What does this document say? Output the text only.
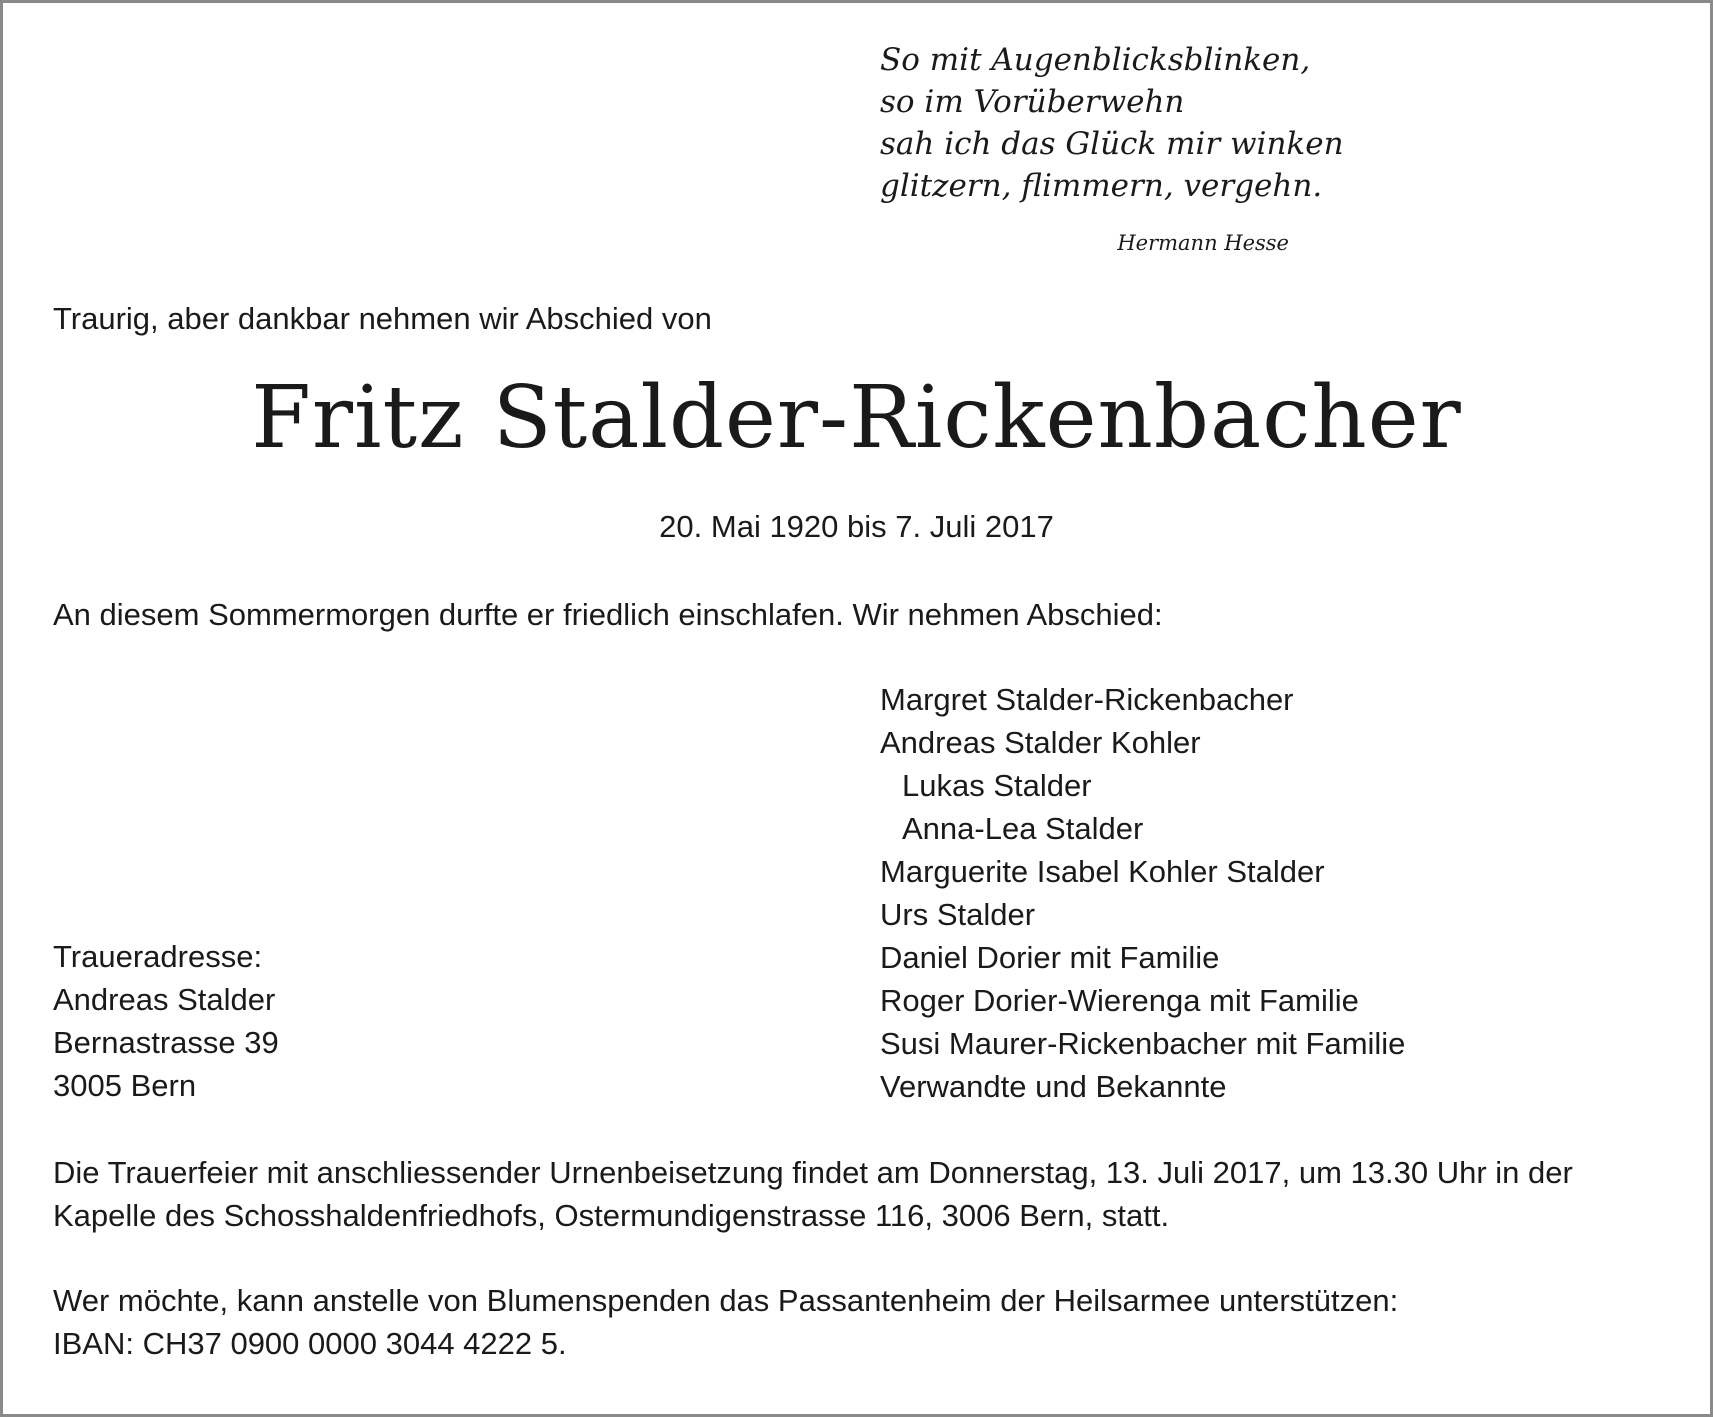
So mit Augenblicksblinken,
so im Vorüberwehn
sah ich das Glück mir winken
glitzern, flimmern, vergehn.
Hermann Hesse
Traurig, aber dankbar nehmen wir Abschied von
Fritz Stalder-Rickenbacher
20. Mai 1920 bis 7. Juli 2017
An diesem Sommermorgen durfte er friedlich einschlafen. Wir nehmen Abschied:
Margret Stalder-Rickenbacher
Andreas Stalder Kohler
Lukas Stalder
Anna-Lea Stalder
Marguerite Isabel Kohler Stalder
Urs Stalder
Daniel Dorier mit Familie
Roger Dorier-Wierenga mit Familie
Susi Maurer-Rickenbacher mit Familie
Verwandte und Bekannte
Traueradresse:
Andreas Stalder
Bernastrasse 39
3005 Bern
Die Trauerfeier mit anschliessender Urnenbeisetzung findet am Donnerstag, 13. Juli 2017, um 13.30 Uhr in der
Kapelle des Schosshaldenfriedhofs, Ostermundigenstrasse 116, 3006 Bern, statt.
Wer möchte, kann anstelle von Blumenspenden das Passantenheim der Heilsarmee unterstützen:
IBAN: CH37 0900 0000 3044 4222 5.
